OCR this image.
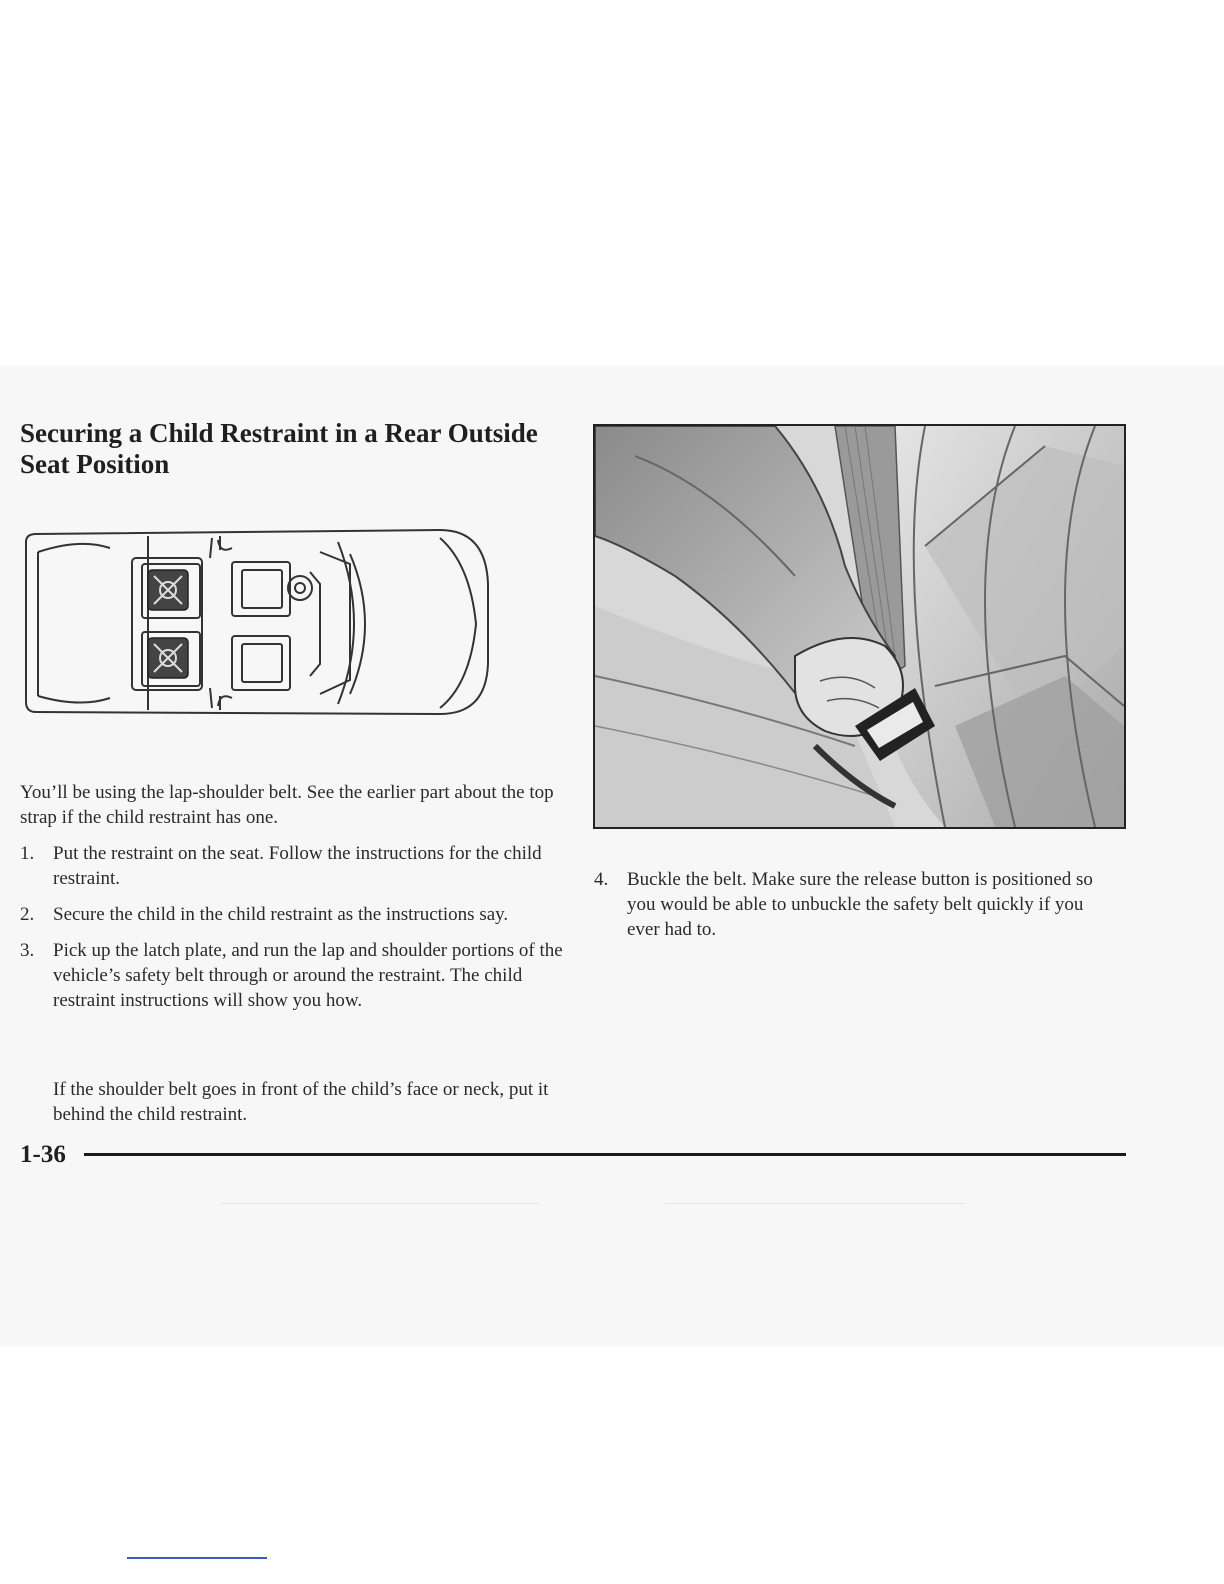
Securing a Child Restraint in a Rear Outside Seat Position

You’ll be using the lap-shoulder belt. See the earlier part about the top strap if the child restraint has one.

1. Put the restraint on the seat. Follow the instructions for the child restraint.
2. Secure the child in the child restraint as the instructions say.
3. Pick up the latch plate, and run the lap and shoulder portions of the vehicle’s safety belt through or around the restraint. The child restraint instructions will show you how.

If the shoulder belt goes in front of the child’s face or neck, put it behind the child restraint.

1-36
4. Buckle the belt. Make sure the release button is positioned so you would be able to unbuckle the safety belt quickly if you ever had to.
